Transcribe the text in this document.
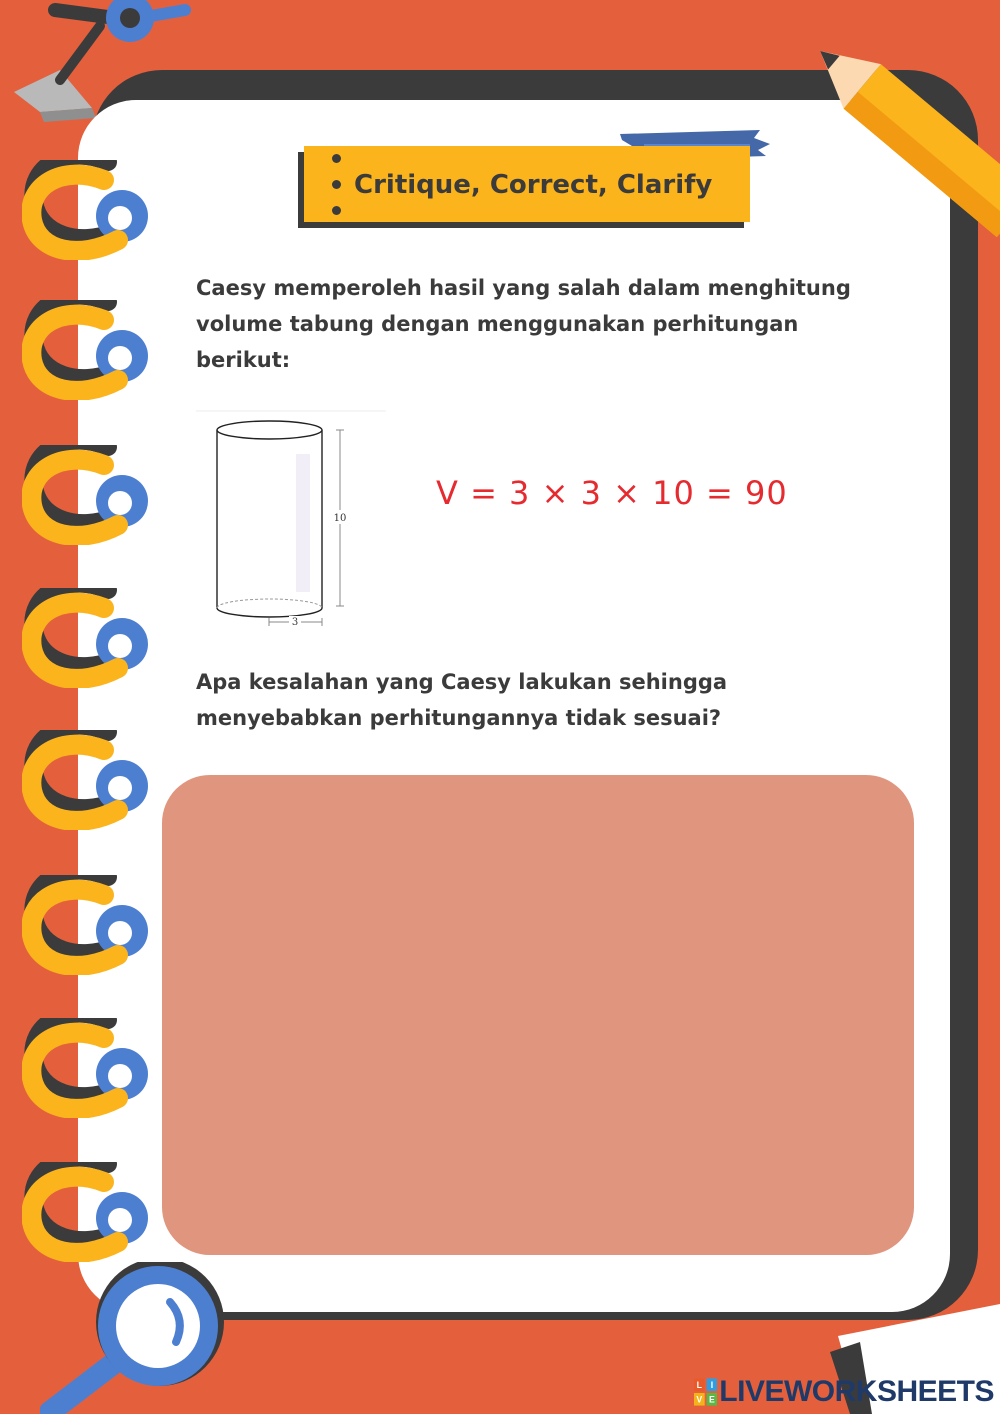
Critique, Correct, Clarify
Caesy memperoleh hasil yang salah dalam menghitung
volume tabung dengan menggunakan perhitungan
berikut:
10
3
V = 3 × 3 × 10 = 90
Apa kesalahan yang Caesy lakukan sehingga
menyebabkan perhitungannya tidak sesuai?
L I
V E LIVEWORKSHEETS
